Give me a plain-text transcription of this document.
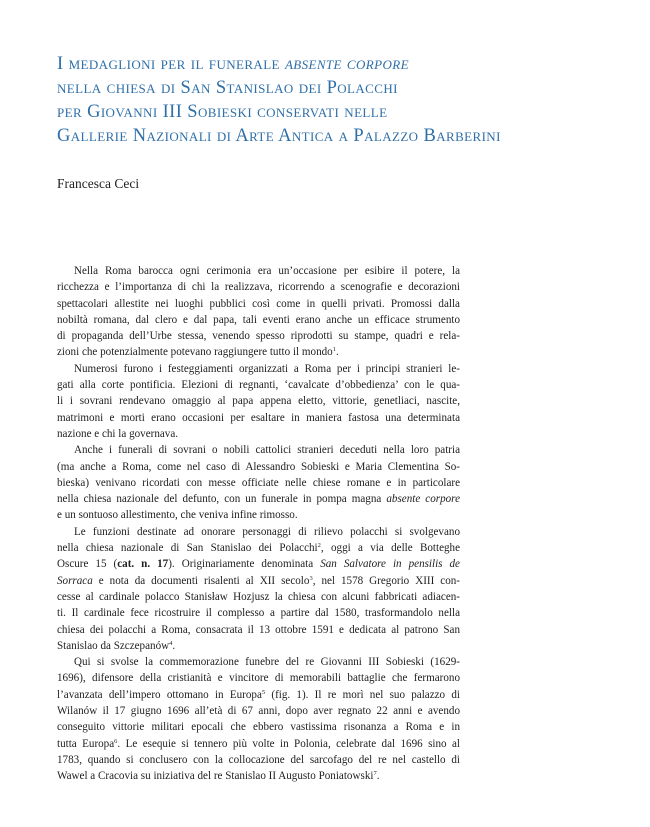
I medaglioni per il funerale absente corpore
nella chiesa di San Stanislao dei Polacchi
per Giovanni III Sobieski conservati nelle
Gallerie Nazionali di Arte Antica a Palazzo Barberini

Francesca Ceci

Nella Roma barocca ogni cerimonia era un’occasione per esibire il potere, la
ricchezza e l’importanza di chi la realizzava, ricorrendo a scenografie e decorazioni
spettacolari allestite nei luoghi pubblici così come in quelli privati. Promossi dalla
nobiltà romana, dal clero e dal papa, tali eventi erano anche un efficace strumento
di propaganda dell’Urbe stessa, venendo spesso riprodotti su stampe, quadri e rela-
zioni che potenzialmente potevano raggiungere tutto il mondo$^1$.
Numerosi furono i festeggiamenti organizzati a Roma per i principi stranieri le-
gati alla corte pontificia. Elezioni di regnanti, ‘cavalcate d’obbedienza’ con le qua-
li i sovrani rendevano omaggio al papa appena eletto, vittorie, genetliaci, nascite,
matrimoni e morti erano occasioni per esaltare in maniera fastosa una determinata
nazione e chi la governava.
Anche i funerali di sovrani o nobili cattolici stranieri deceduti nella loro patria
(ma anche a Roma, come nel caso di Alessandro Sobieski e Maria Clementina So-
bieska) venivano ricordati con messe officiate nelle chiese romane e in particolare
nella chiesa nazionale del defunto, con un funerale in pompa magna absente corpore
e un sontuoso allestimento, che veniva infine rimosso.
Le funzioni destinate ad onorare personaggi di rilievo polacchi si svolgevano
nella chiesa nazionale di San Stanislao dei Polacchi$^2$, oggi a via delle Botteghe
Oscure 15 (cat. n. 17). Originariamente denominata San Salvatore in pensilis de
Sorraca e nota da documenti risalenti al XII secolo$^3$, nel 1578 Gregorio XIII con-
cesse al cardinale polacco Stanisław Hozjusz la chiesa con alcuni fabbricati adiacen-
ti. Il cardinale fece ricostruire il complesso a partire dal 1580, trasformandolo nella
chiesa dei polacchi a Roma, consacrata il 13 ottobre 1591 e dedicata al patrono San
Stanislao da Szczepanów$^4$.
Qui si svolse la commemorazione funebre del re Giovanni III Sobieski (1629-
1696), difensore della cristianità e vincitore di memorabili battaglie che fermarono
l’avanzata dell’impero ottomano in Europa$^5$ (fig. 1). Il re morì nel suo palazzo di
Wilanów il 17 giugno 1696 all’età di 67 anni, dopo aver regnato 22 anni e avendo
conseguito vittorie militari epocali che ebbero vastissima risonanza a Roma e in
tutta Europa$^6$. Le esequie si tennero più volte in Polonia, celebrate dal 1696 sino al
1783, quando si conclusero con la collocazione del sarcofago del re nel castello di
Wawel a Cracovia su iniziativa del re Stanislao II Augusto Poniatowski$^7$.
